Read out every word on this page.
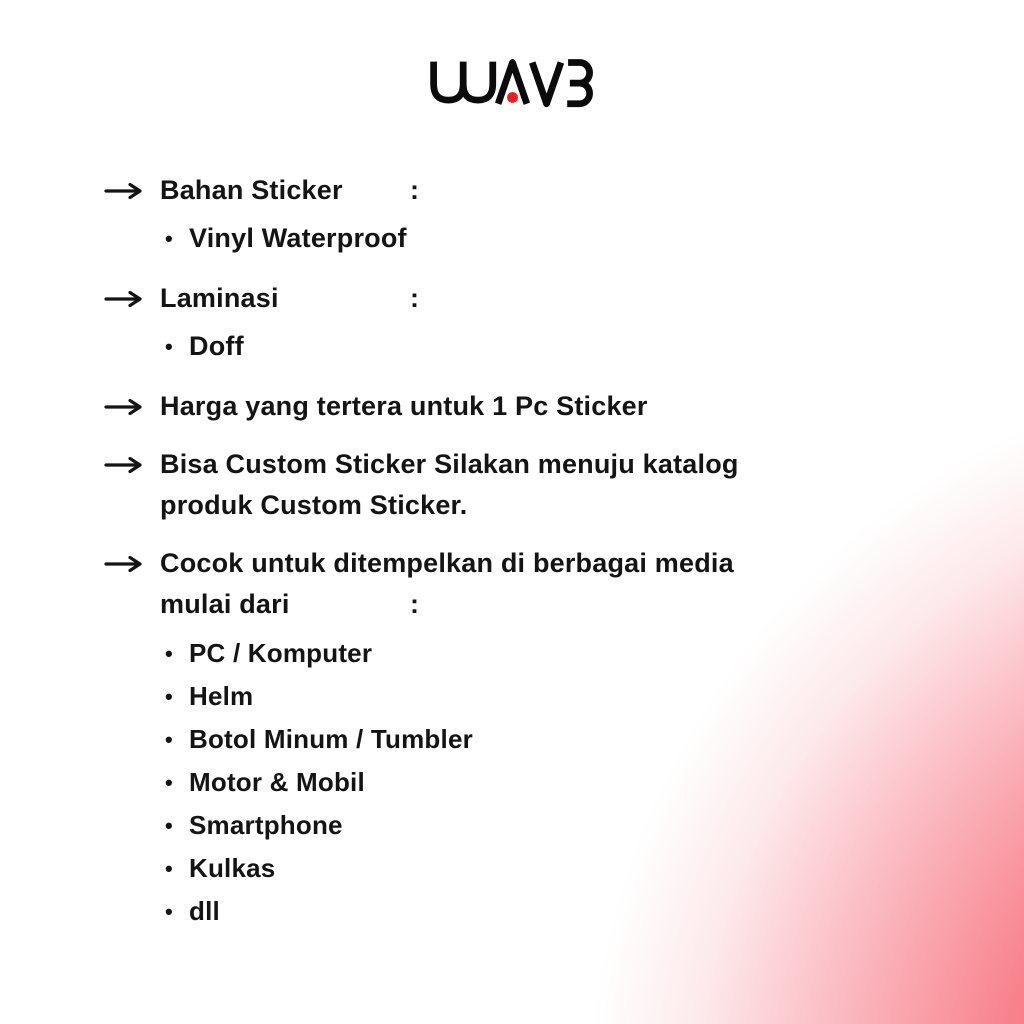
Bahan Sticker :
• Vinyl Waterproof
Laminasi	:
• Doff
Harga yang tertera untuk 1 Pc Sticker
Bisa Custom Sticker Silakan menuju katalog
produk Custom Sticker.
Cocok untuk ditempelkan di berbagai media
mulai dari	:
• PC / Komputer
• Helm
• Botol Minum / Tumbler
• Motor & Mobil
• Smartphone
• Kulkas
• dll
